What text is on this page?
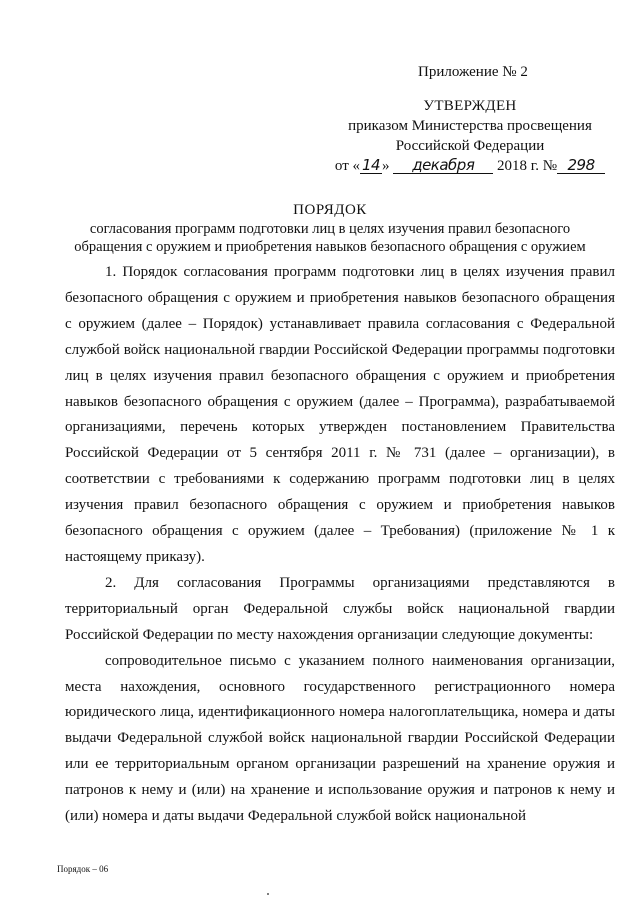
Приложение № 2
УТВЕРЖДЕН
приказом Министерства просвещения
Российской Федерации
от « 14 » декабря 2018 г. № 298
ПОРЯДОК
согласования программ подготовки лиц в целях изучения правил безопасного
обращения с оружием и приобретения навыков безопасного обращения с оружием

1. Порядок согласования программ подготовки лиц в целях изучения правил безопасного обращения с оружием и приобретения навыков безопасного обращения с оружием (далее – Порядок) устанавливает правила согласования с Федеральной службой войск национальной гвардии Российской Федерации программы подготовки лиц в целях изучения правил безопасного обращения с оружием и приобретения навыков безопасного обращения с оружием (далее – Программа), разрабатываемой организациями, перечень которых утвержден постановлением Правительства Российской Федерации от 5 сентября 2011 г. № 731 (далее – организации), в соответствии с требованиями к содержанию программ подготовки лиц в целях изучения правил безопасного обращения с оружием и приобретения навыков безопасного обращения с оружием (далее – Требования) (приложение № 1 к настоящему приказу).

2. Для согласования Программы организациями представляются в территориальный орган Федеральной службы войск национальной гвардии Российской Федерации по месту нахождения организации следующие документы:

сопроводительное письмо с указанием полного наименования организации, места нахождения, основного государственного регистрационного номера юридического лица, идентификационного номера налогоплательщика, номера и даты выдачи Федеральной службой войск национальной гвардии Российской Федерации или ее территориальным органом организации разрешений на хранение оружия и патронов к нему и (или) на хранение и использование оружия и патронов к нему и (или) номера и даты выдачи Федеральной службой войск национальной

Порядок – 06
